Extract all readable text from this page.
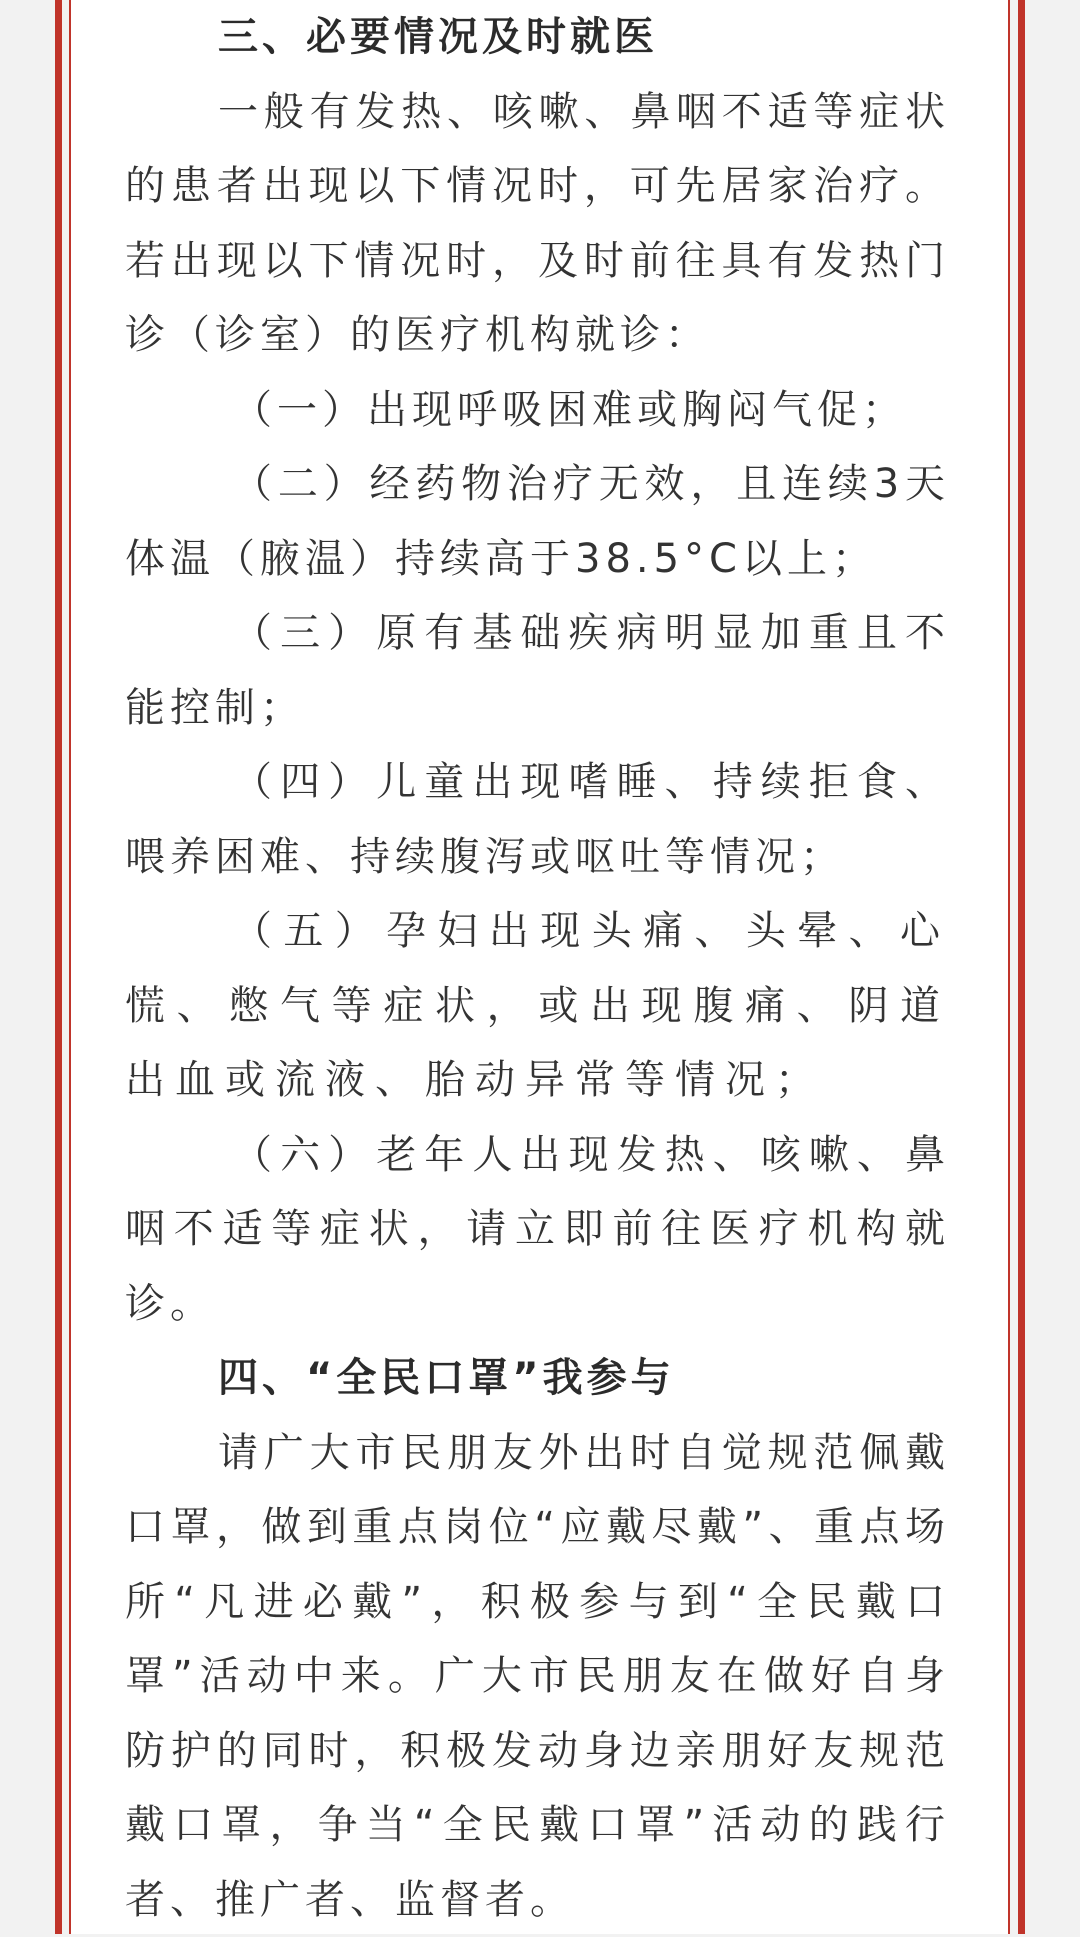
三、必要情况及时就医

一般有发热、咳嗽、鼻咽不适等症状的患者出现以下情况时，可先居家治疗。若出现以下情况时，及时前往具有发热门诊（诊室）的医疗机构就诊：

（一）出现呼吸困难或胸闷气促；

（二）经药物治疗无效，且连续3天体温（腋温）持续高于38.5°C以上；

（三）原有基础疾病明显加重且不能控制；

（四）儿童出现嗜睡、持续拒食、喂养困难、持续腹泻或呕吐等情况；

（五）孕妇出现头痛、头晕、心慌、憋气等症状，或出现腹痛、阴道出血或流液、胎动异常等情况；

（六）老年人出现发热、咳嗽、鼻咽不适等症状，请立即前往医疗机构就诊。

四、“全民口罩”我参与

请广大市民朋友外出时自觉规范佩戴口罩，做到重点岗位“应戴尽戴”、重点场所“凡进必戴”，积极参与到“全民戴口罩”活动中来。广大市民朋友在做好自身防护的同时，积极发动身边亲朋好友规范戴口罩，争当“全民戴口罩”活动的践行者、推广者、监督者。
